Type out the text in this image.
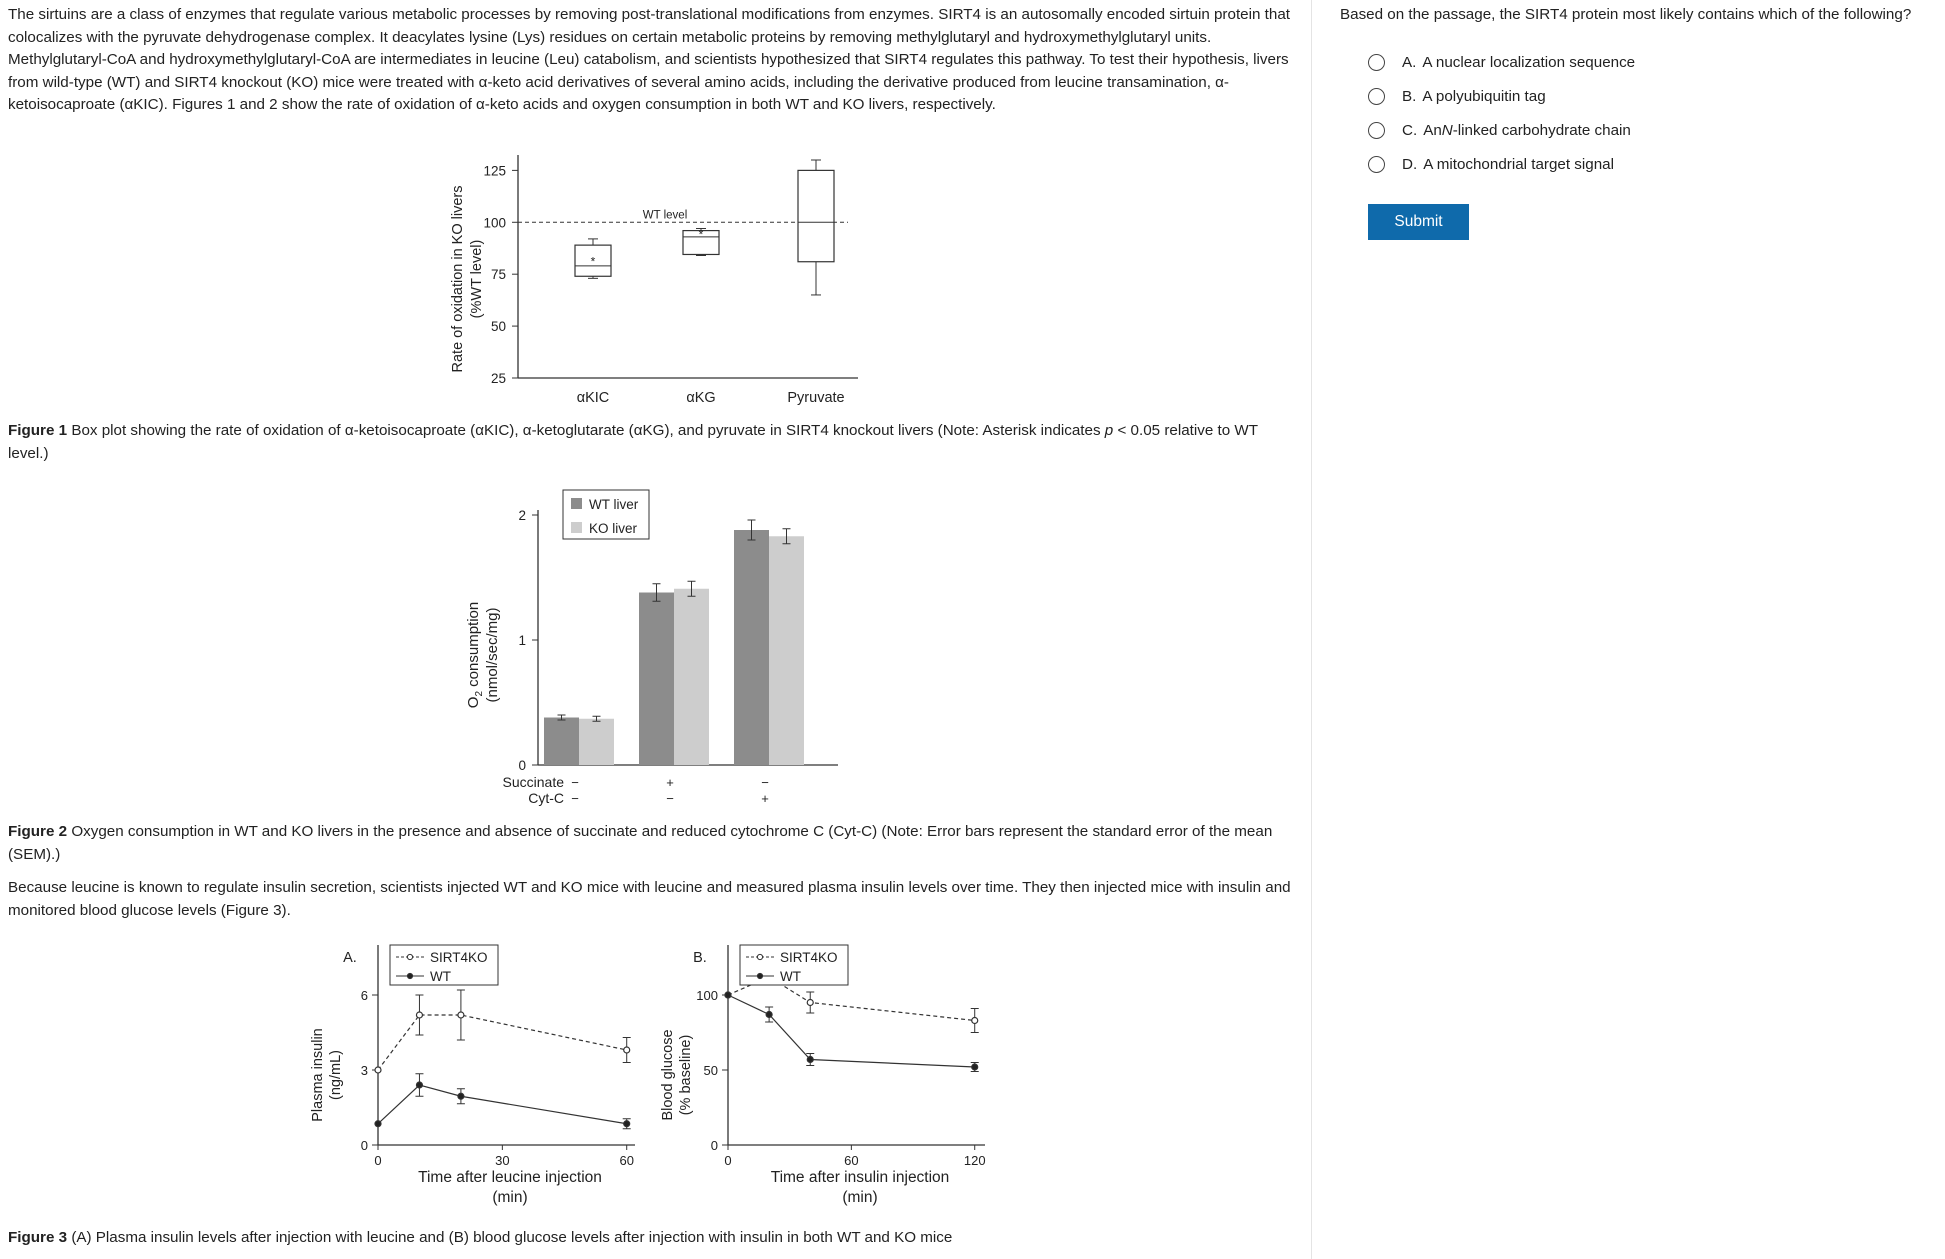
The sirtuins are a class of enzymes that regulate various metabolic processes by removing post-translational modifications from enzymes. SIRT4 is an autosomally encoded sirtuin protein that colocalizes with the pyruvate dehydrogenase complex. It deacylates lysine (Lys) residues on certain metabolic proteins by removing methylglutaryl and hydroxymethylglutaryl units. Methylglutaryl-CoA and hydroxymethylglutaryl-CoA are intermediates in leucine (Leu) catabolism, and scientists hypothesized that SIRT4 regulates this pathway. To test their hypothesis, livers from wild-type (WT) and SIRT4 knockout (KO) mice were treated with α-keto acid derivatives of several amino acids, including the derivative produced from leucine transamination, α-ketoisocaproate (αKIC). Figures 1 and 2 show the rate of oxidation of α-keto acids and oxygen consumption in both WT and KO livers, respectively.

25
50
75
100
125
Rate of oxidation in KO livers (%WT level)
WT level
*
αKIC
*
αKG	Pyruvate

Figure 1 Box plot showing the rate of oxidation of α-ketoisocaproate (αKIC), α-ketoglutarate (αKG), and pyruvate in SIRT4 knockout livers (Note: Asterisk indicates p < 0.05 relative to WT level.)

0
1
2
$O_2$ consumption (nmol/sec/mg)
WT liver
KO liver
Succinate −	+	−
Cyt-C −	−	+

Figure 2 Oxygen consumption in WT and KO livers in the presence and absence of succinate and reduced cytochrome C (Cyt-C) (Note: Error bars represent the standard error of the mean (SEM).)

Because leucine is known to regulate insulin secretion, scientists injected WT and KO mice with leucine and measured plasma insulin levels over time. They then injected mice with insulin and monitored blood glucose levels (Figure 3).

A.
0
3
6
0	30	60
Plasma insulin (ng/mL)
Time after leucine injection
(min)
SIRT4KO
WT
B.
0
50
100
0	60	120
Blood glucose (% baseline)
Time after insulin injection
(min)
SIRT4KO
WT

Figure 3 (A) Plasma insulin levels after injection with leucine and (B) blood glucose levels after injection with insulin in both WT and KO mice

Based on the passage, the SIRT4 protein most likely contains which of the following?
A. A nuclear localization sequence
B. A polyubiquitin tag
C. An N -linked carbohydrate chain
D. A mitochondrial target signal
Submit
